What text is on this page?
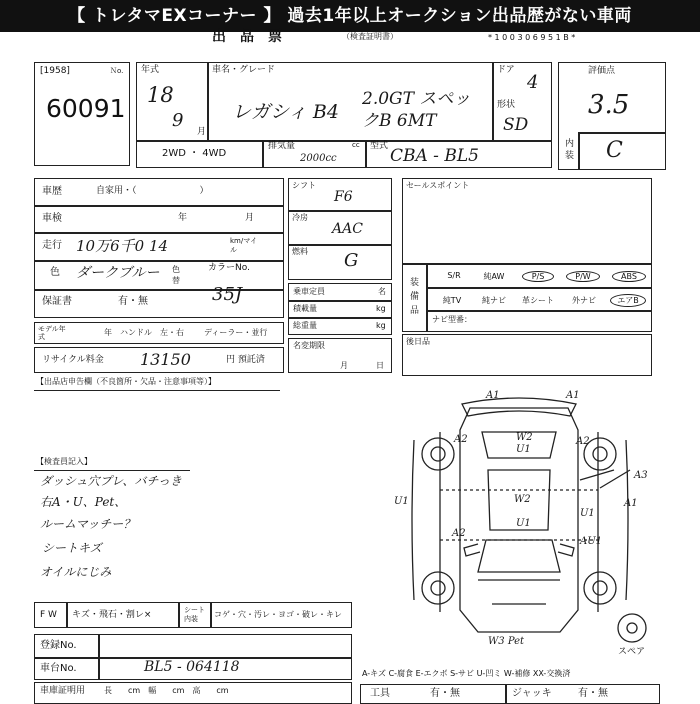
【 トレタマEXコーナー 】 過去1年以上オークション出品歴がない車両
出　品　票	（検査証明書）	* 1 0 0 3 0 6 9 5 1 B *
[1958]	Ｎo.
60091
年式
18
9
月
車名・グレード
レガシィ B4
2.0GT スペックB 6MT
ドア
4
形状
SD
2WD ・ 4WD
排気量	cc
2000cc
型式 CBA - BL5
評価点
3.5
内装 C
車歴	自家用・（　　　　　　　）
車検	年	月
走行 10万6千0 14	km/マイル
色 ダークブルー 色替
カラーNo.
35J
保証書	有・無
モデル年式	年 ハンドル　左・右	ディーラー・並行
リサイクル料金 13150	円 預託済
シフト
F6
冷房
AAC
燃料 G
乗車定員	名
積載量	kg
総重量	kg
名変期限
月	日
セールスポイント
装備品
S/R	純AW	P/S	P/W	ABS
純TV	純ナビ	革シート	外ナビ	エアB
ナビ型番：
後日品
【出品店申告欄（不良箇所・欠品・注意事項等）】
【検査員記入】
ダッシュ穴プレ、バチっき
右A・U、Pet、
ルームマッチー？
シートキズ
オイルにじみ
F W キズ・飛石・割レ×	シート内装	コゲ・穴・汚レ・ヨゴ・破レ・キレ
登録No.
車台No.	BL5 - 064118
車庫証明用 長　　cm　幅　　cm　高　　cm
A-キズ C-腐食 E-エクボ S-サビ U-凹ミ W-補修 XX-交換済
工具	有・無	ジャッキ	有・無
スペア
A1	A1
A2	W2
U1
A2
U1
A3
A1
W2
U1
A2
AU1
U1
W3 Pet
